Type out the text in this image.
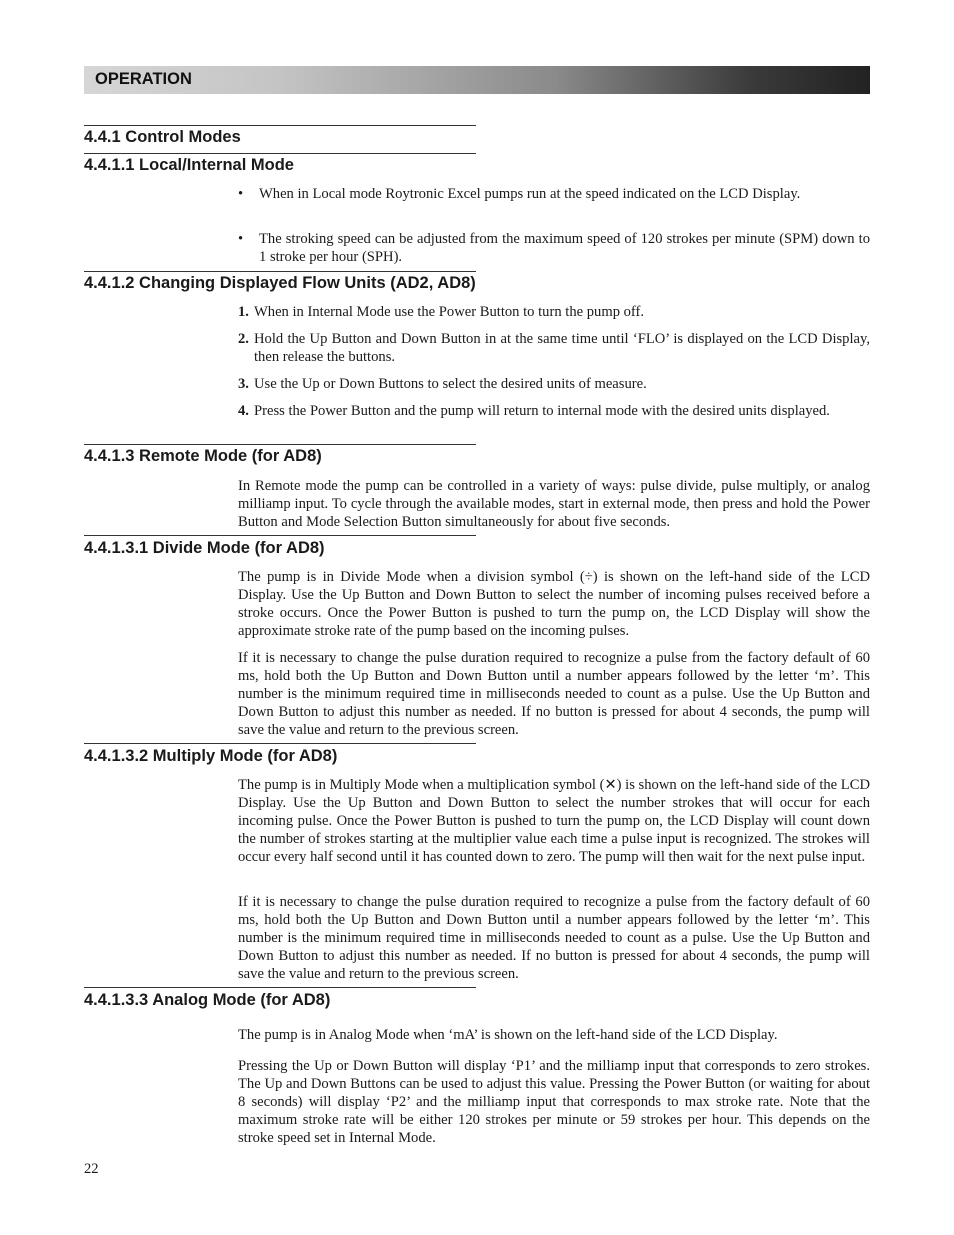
OPERATION
4.4.1 Control Modes
4.4.1.1 Local/Internal Mode
• When in Local mode Roytronic Excel pumps run at the speed indicated on the LCD Display.
• The stroking speed can be adjusted from the maximum speed of 120 strokes per minute (SPM) down to 1 stroke per hour (SPH).
4.4.1.2 Changing Displayed Flow Units (AD2, AD8)
1. When in Internal Mode use the Power Button to turn the pump off.
2. Hold the Up Button and Down Button in at the same time until ‘FLO’ is displayed on the LCD Display, then release the buttons.
3. Use the Up or Down Buttons to select the desired units of measure.
4. Press the Power Button and the pump will return to internal mode with the desired units displayed.
4.4.1.3 Remote Mode (for AD8)
In Remote mode the pump can be controlled in a variety of ways: pulse divide, pulse multiply, or analog milliamp input. To cycle through the available modes, start in external mode, then press and hold the Power Button and Mode Selection Button simultaneously for about five seconds.
4.4.1.3.1 Divide Mode (for AD8)
The pump is in Divide Mode when a division symbol (÷) is shown on the left-hand side of the LCD Display. Use the Up Button and Down Button to select the number of incoming pulses received before a stroke occurs. Once the Power Button is pushed to turn the pump on, the LCD Display will show the approximate stroke rate of the pump based on the incoming pulses.
If it is necessary to change the pulse duration required to recognize a pulse from the factory default of 60 ms, hold both the Up Button and Down Button until a number appears followed by the letter ‘m’. This number is the minimum required time in milliseconds needed to count as a pulse. Use the Up Button and Down Button to adjust this number as needed. If no button is pressed for about 4 seconds, the pump will save the value and return to the previous screen.
4.4.1.3.2 Multiply Mode (for AD8)
The pump is in Multiply Mode when a multiplication symbol (✕) is shown on the left-hand side of the LCD Display. Use the Up Button and Down Button to select the number strokes that will occur for each incoming pulse. Once the Power Button is pushed to turn the pump on, the LCD Display will count down the number of strokes starting at the multiplier value each time a pulse input is recognized. The strokes will occur every half second until it has counted down to zero. The pump will then wait for the next pulse input.
If it is necessary to change the pulse duration required to recognize a pulse from the factory default of 60 ms, hold both the Up Button and Down Button until a number appears followed by the letter ‘m’. This number is the minimum required time in milliseconds needed to count as a pulse. Use the Up Button and Down Button to adjust this number as needed. If no button is pressed for about 4 seconds, the pump will save the value and return to the previous screen.
4.4.1.3.3 Analog Mode (for AD8)
The pump is in Analog Mode when ‘mA’ is shown on the left-hand side of the LCD Display.
Pressing the Up or Down Button will display ‘P1’ and the milliamp input that corresponds to zero strokes. The Up and Down Buttons can be used to adjust this value. Pressing the Power Button (or waiting for about 8 seconds) will display ‘P2’ and the milliamp input that corresponds to max stroke rate. Note that the maximum stroke rate will be either 120 strokes per minute or 59 strokes per hour. This depends on the stroke speed set in Internal Mode.
22
